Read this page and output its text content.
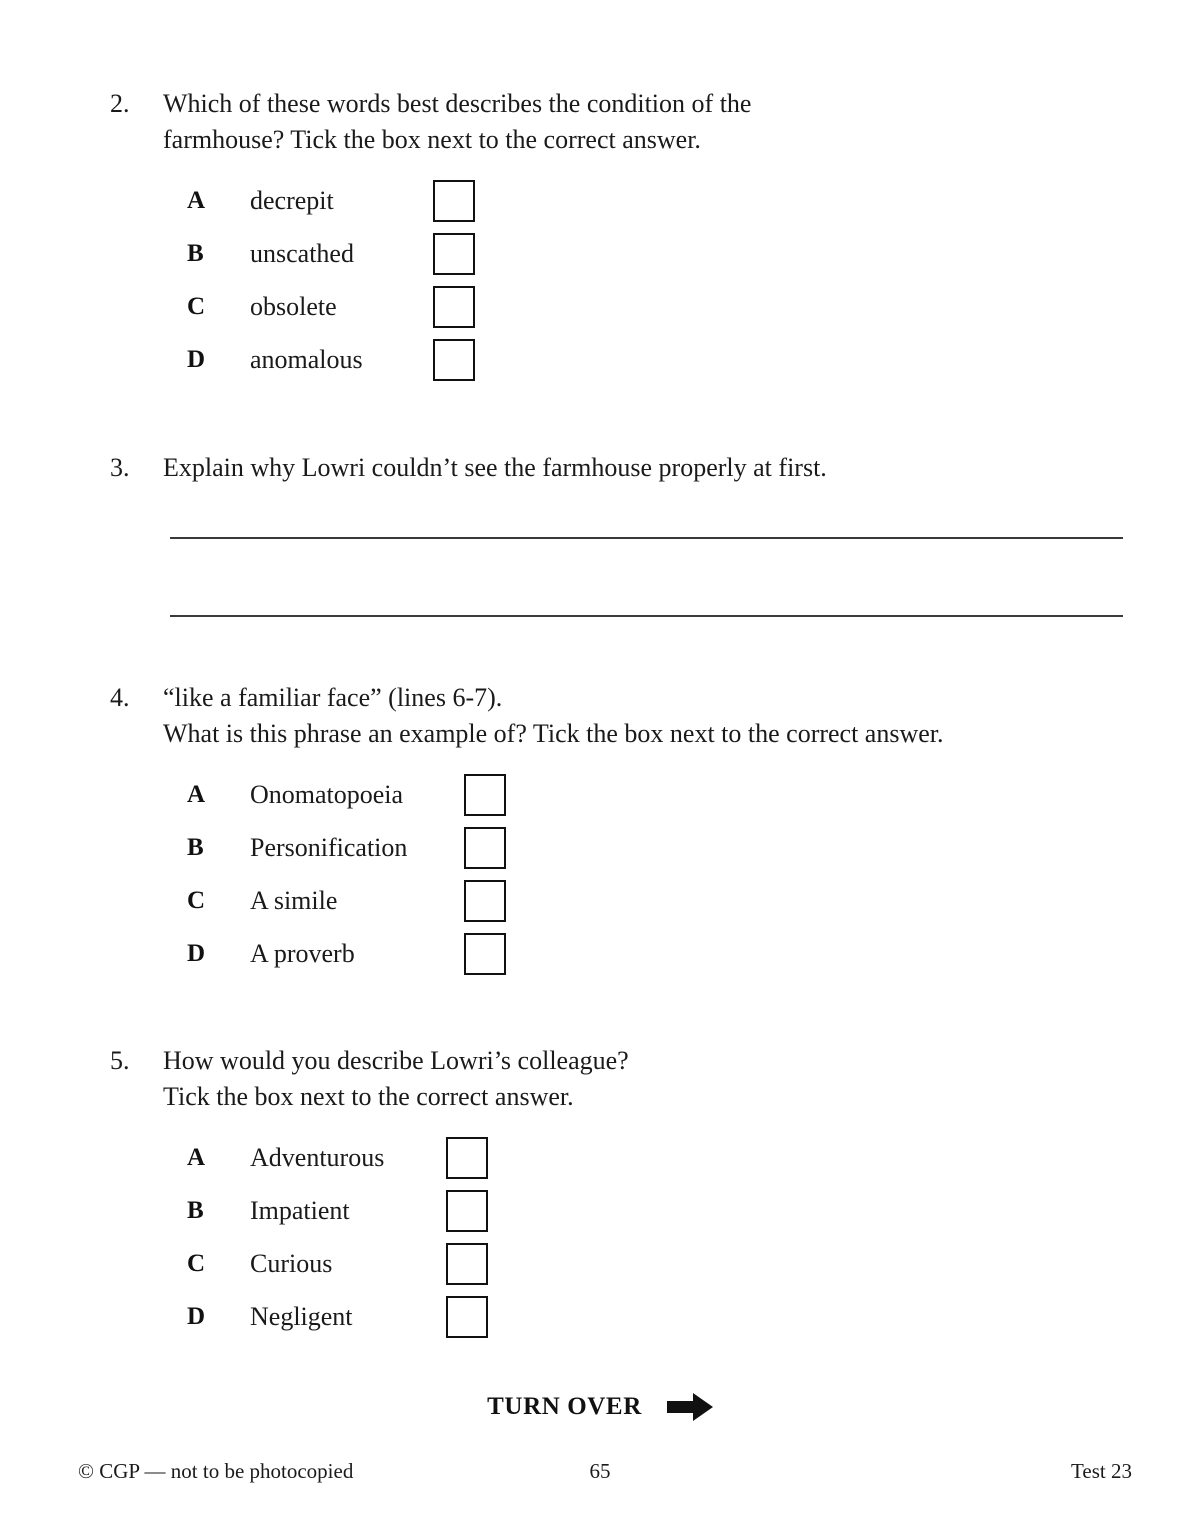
2.	Which of these words best describes the condition of the
farmhouse? Tick the box next to the correct answer.
A	decrepit
B	unscathed
C	obsolete
D	anomalous
3.	Explain why Lowri couldn’t see the farmhouse properly at first.
4.	“like a familiar face” (lines 6-7).
What is this phrase an example of? Tick the box next to the correct answer.
A	Onomatopoeia
B	Personification
C	A simile
D	A proverb
5.	How would you describe Lowri’s colleague?
Tick the box next to the correct answer.
A	Adventurous
B	Impatient
C	Curious
D	Negligent
TURN OVER
© CGP — not to be photocopied	65	Test 23
